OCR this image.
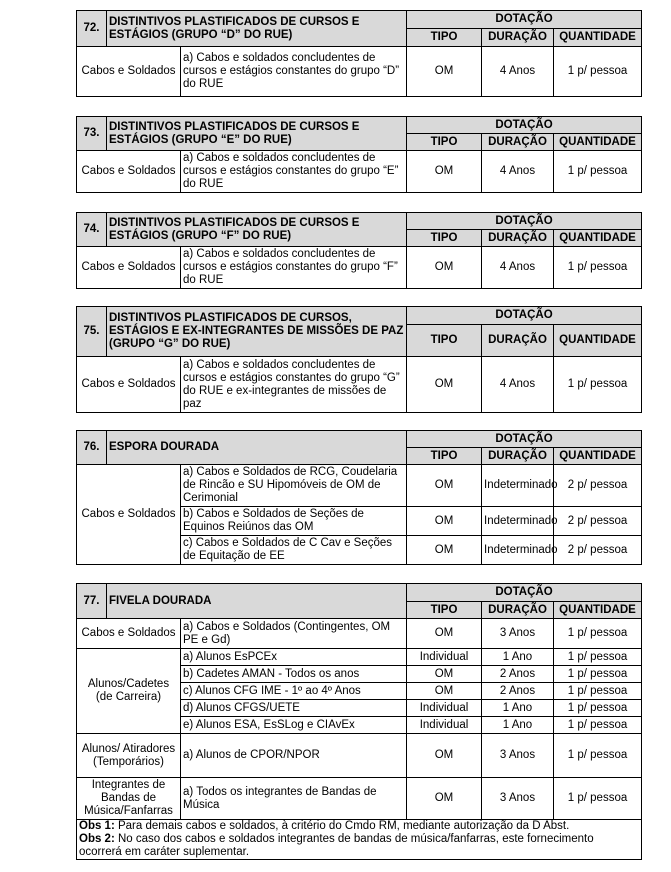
72.	DISTINTIVOS PLASTIFICADOS DE CURSOS E ESTÁGIOS (GRUPO “D” DO RUE)		DOTAÇÃO		
			TIPO	DURAÇÃO	QUANTIDADE
Cabos e Soldados		a) Cabos e soldados concludentes de cursos e estágios constantes do grupo “D” do RUE	OM	4 Anos	1 p/ pessoa
73.	DISTINTIVOS PLASTIFICADOS DE CURSOS E ESTÁGIOS (GRUPO “E” DO RUE)		DOTAÇÃO		
			TIPO	DURAÇÃO	QUANTIDADE
Cabos e Soldados		a) Cabos e soldados concludentes de cursos e estágios constantes do grupo “E” do RUE	OM	4 Anos	1 p/ pessoa
74.	DISTINTIVOS PLASTIFICADOS DE CURSOS E ESTÁGIOS (GRUPO “F” DO RUE)		DOTAÇÃO		
			TIPO	DURAÇÃO	QUANTIDADE
Cabos e Soldados		a) Cabos e soldados concludentes de cursos e estágios constantes do grupo “F” do RUE	OM	4 Anos	1 p/ pessoa
75.	DISTINTIVOS PLASTIFICADOS DE CURSOS, ESTÁGIOS E EX-INTEGRANTES DE MISSÕES DE PAZ (GRUPO “G” DO RUE)		DOTAÇÃO		
			TIPO	DURAÇÃO	QUANTIDADE
Cabos e Soldados		a) Cabos e soldados concludentes de cursos e estágios constantes do grupo “G” do RUE e ex-integrantes de missões de paz	OM	4 Anos	1 p/ pessoa
76.	ESPORA DOURADA		DOTAÇÃO		
			TIPO	DURAÇÃO	QUANTIDADE
Cabos e Soldados		a) Cabos e Soldados de RCG, Coudelaria de Rincão e SU Hipomóveis de OM de Cerimonial	OM	Indeterminado	2 p/ pessoa
		b) Cabos e Soldados de Seções de Equinos Reiúnos das OM	OM	Indeterminado	2 p/ pessoa
		c) Cabos e Soldados de C Cav e Seções de Equitação de EE	OM	Indeterminado	2 p/ pessoa
77.	FIVELA DOURADA		DOTAÇÃO		
			TIPO	DURAÇÃO	QUANTIDADE
Cabos e Soldados		a) Cabos e Soldados (Contingentes, OM PE e Gd)	OM	3 Anos	1 p/ pessoa
Alunos/Cadetes (de Carreira)		a) Alunos EsPCEx	Individual	1 Ano	1 p/ pessoa
		b) Cadetes AMAN - Todos os anos	OM	2 Anos	1 p/ pessoa
		c) Alunos CFG IME - 1º ao 4º Anos	OM	2 Anos	1 p/ pessoa
		d) Alunos CFGS/UETE	Individual	1 Ano	1 p/ pessoa
		e) Alunos ESA, EsSLog e CIAvEx	Individual	1 Ano	1 p/ pessoa
Alunos/ Atiradores (Temporários)		a) Alunos de CPOR/NPOR	OM	3 Anos	1 p/ pessoa
Integrantes de Bandas de Música/Fanfarras		a) Todos os integrantes de Bandas de Música	OM	3 Anos	1 p/ pessoa

Obs 1: Para demais cabos e soldados, à critério do Cmdo RM, mediante autorização da D Abst.

Obs 2: No caso dos cabos e soldados integrantes de bandas de música/fanfarras, este fornecimento ocorrerá em caráter suplementar.					
